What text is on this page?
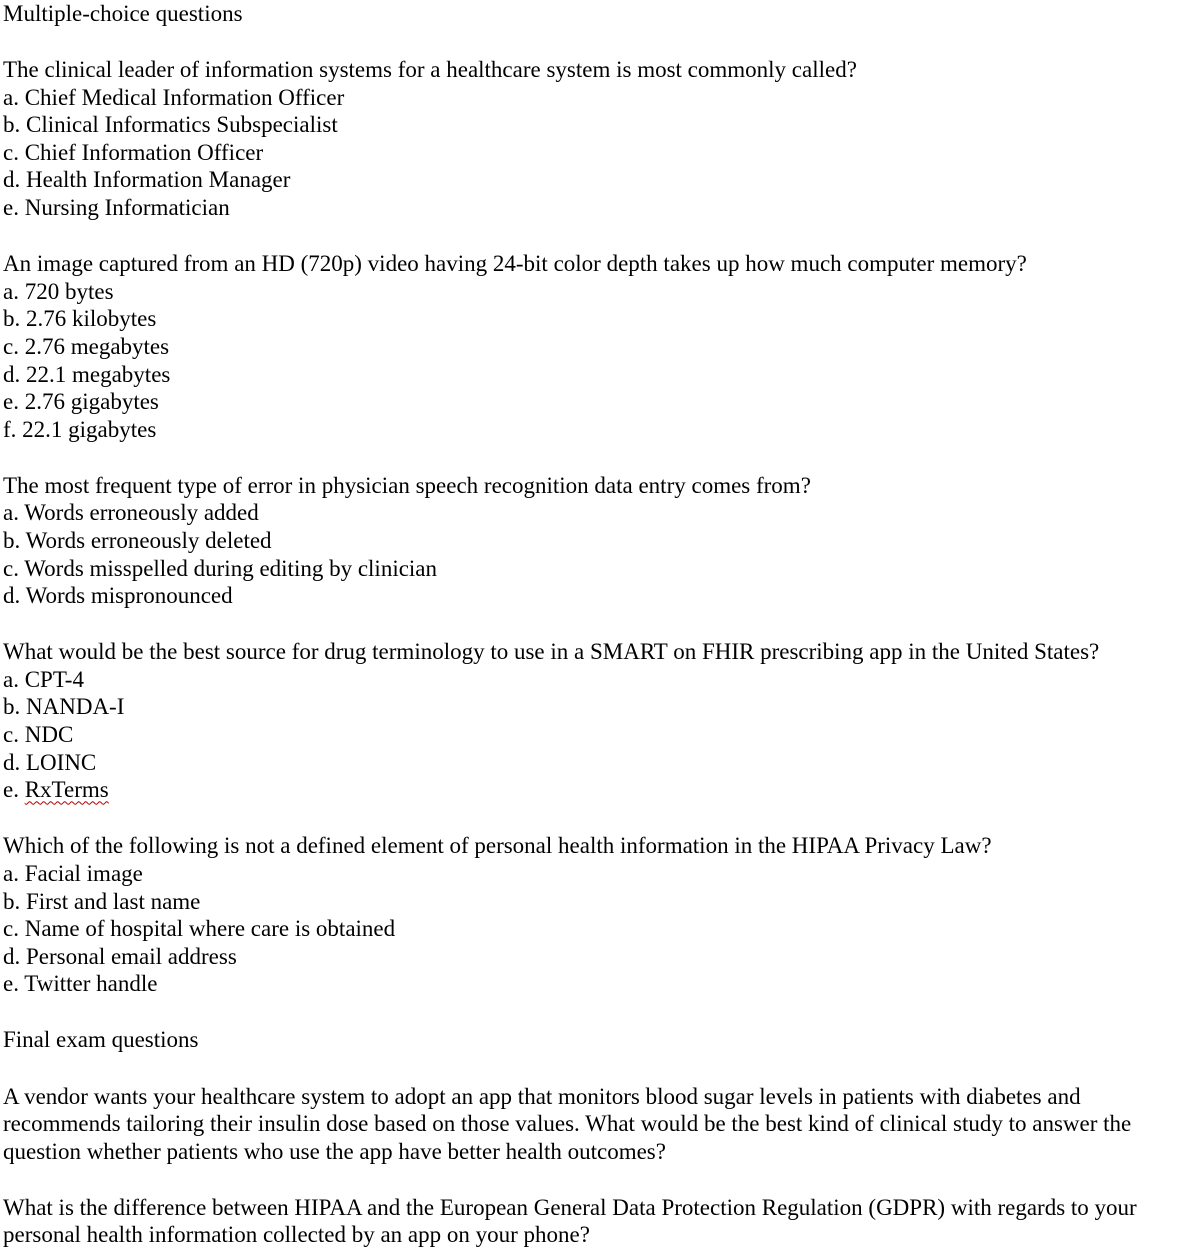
Multiple-choice questions

The clinical leader of information systems for a healthcare system is most commonly called?

a. Chief Medical Information Officer

b. Clinical Informatics Subspecialist

c. Chief Information Officer

d. Health Information Manager

e. Nursing Informatician

An image captured from an HD (720p) video having 24-bit color depth takes up how much computer memory?

a. 720 bytes

b. 2.76 kilobytes

c. 2.76 megabytes

d. 22.1 megabytes

e. 2.76 gigabytes

f. 22.1 gigabytes

The most frequent type of error in physician speech recognition data entry comes from?

a. Words erroneously added

b. Words erroneously deleted

c. Words misspelled during editing by clinician

d. Words mispronounced

What would be the best source for drug terminology to use in a SMART on FHIR prescribing app in the United States?

a. CPT-4

b. NANDA-I

c. NDC

d. LOINC

e. RxTerms

Which of the following is not a defined element of personal health information in the HIPAA Privacy Law?

a. Facial image

b. First and last name

c. Name of hospital where care is obtained

d. Personal email address

e. Twitter handle

Final exam questions

A vendor wants your healthcare system to adopt an app that monitors blood sugar levels in patients with diabetes and recommends tailoring their insulin dose based on those values. What would be the best kind of clinical study to answer the question whether patients who use the app have better health outcomes?

What is the difference between HIPAA and the European General Data Protection Regulation (GDPR) with regards to your personal health information collected by an app on your phone?
